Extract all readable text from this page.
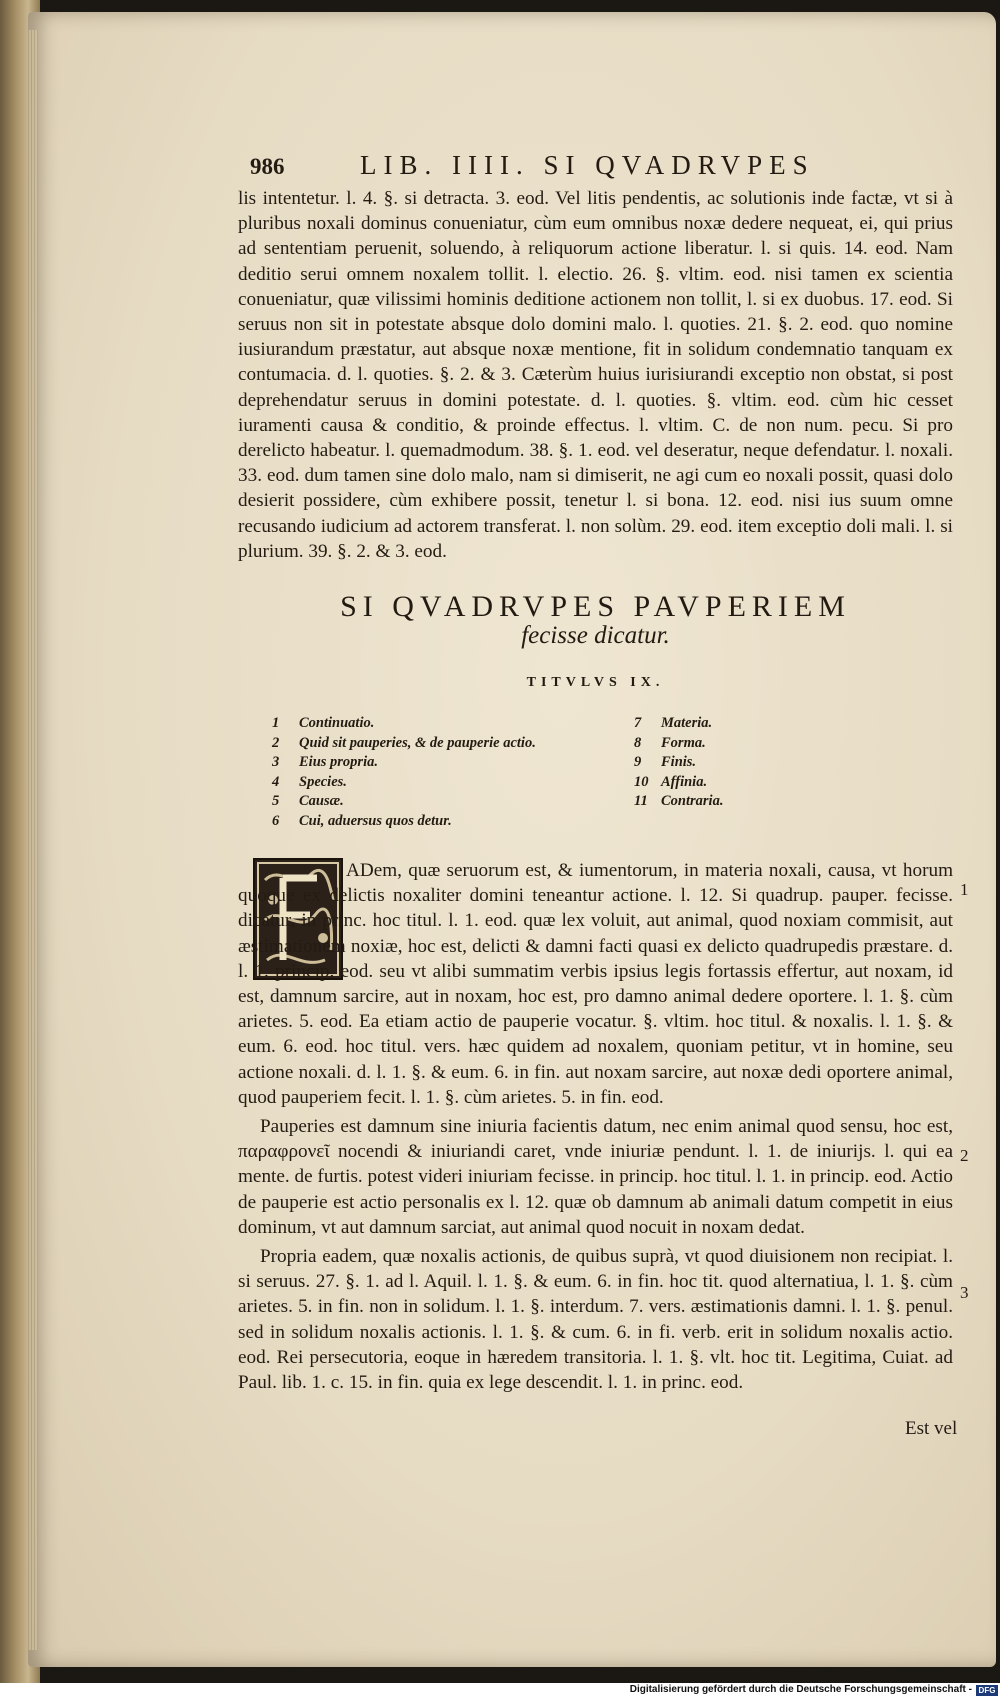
986	LIB. IIII. SI QVADRVPES

lis intentetur. l. 4. §. si detracta. 3. eod. Vel litis pendentis, ac solutionis inde factæ, vt si à pluribus noxali dominus conueniatur, cùm eum omnibus noxæ dedere nequeat, ei, qui prius ad sententiam peruenit, soluendo, à reliquorum actione liberatur. l. si quis. 14. eod. Nam deditio serui omnem noxalem tollit. l. electio. 26. §. vltim. eod. nisi tamen ex scientia conueniatur, quæ vilissimi hominis deditione actionem non tollit, l. si ex duobus. 17. eod. Si seruus non sit in potestate absque dolo domini malo. l. quoties. 21. §. 2. eod. quo nomine iusiurandum præstatur, aut absque noxæ mentione, fit in solidum condemnatio tanquam ex contumacia. d. l. quoties. §. 2. & 3. Cæterùm huius iurisiurandi exceptio non obstat, si post deprehendatur seruus in domini potestate. d. l. quoties. §. vltim. eod. cùm hic cesset iuramenti causa & conditio, & proinde effectus. l. vltim. C. de non num. pecu. Si pro derelicto habeatur. l. quemadmodum. 38. §. 1. eod. vel deseratur, neque defendatur. l. noxali. 33. eod. dum tamen sine dolo malo, nam si dimiserit, ne agi cum eo noxali possit, quasi dolo desierit possidere, cùm exhibere possit, tenetur l. si bona. 12. eod. nisi ius suum omne recusando iudicium ad actorem transferat. l. non solùm. 29. eod. item exceptio doli mali. l. si plurium. 39. §. 2. & 3. eod.

SI QVADRVPES PAVPERIEM
fecisse dicatur.
TITVLVS IX.
1 Continuatio.
2 Quid sit pauperies, & de pauperie actio.
3 Eius propria.
4 Species.
5 Causæ.
6 Cui, aduersus quos detur.
7 Materia.
8 Forma.
9 Finis.
10 Affinia.
11 Contraria.

ADem, quæ seruorum est, & iumentorum, in materia noxali, causa, vt horum quoque ex delictis noxaliter domini teneantur actione. l. 12. Si quadrup. pauper. fecisse. dicatur, in princ. hoc titul. l. 1. eod. quæ lex voluit, aut animal, quod noxiam commisit, aut æstimationem noxiæ, hoc est, delicti & damni facti quasi ex delicto quadrupedis præstare. d. l. 1. princip. eod. seu vt alibi summatim verbis ipsius legis fortassis effertur, aut noxam, id est, damnum sarcire, aut in noxam, hoc est, pro damno animal dedere oportere. l. 1. §. cùm arietes. 5. eod. Ea etiam actio de pauperie vocatur. §. vltim. hoc titul. & noxalis. l. 1. §. & eum. 6. eod. hoc titul. vers. hæc quidem ad noxalem, quoniam petitur, vt in homine, seu actione noxali. d. l. 1. §. & eum. 6. in fin. aut noxam sarcire, aut noxæ dedi oportere animal, quod pauperiem fecit. l. 1. §. cùm arietes. 5. in fin. eod.

Pauperies est damnum sine iniuria facientis datum, nec enim animal quod sensu, hoc est, παραφρονεῖ nocendi & iniuriandi caret, vnde iniuriæ pendunt. l. 1. de iniurijs. l. qui ea mente. de furtis. potest videri iniuriam fecisse. in princip. hoc titul. l. 1. in princip. eod. Actio de pauperie est actio personalis ex l. 12. quæ ob damnum ab animali datum competit in eius dominum, vt aut damnum sarciat, aut animal quod nocuit in noxam dedat.

Propria eadem, quæ noxalis actionis, de quibus suprà, vt quod diuisionem non recipiat. l. si seruus. 27. §. 1. ad l. Aquil. l. 1. §. & eum. 6. in fin. hoc tit. quod alternatiua, l. 1. §. cùm arietes. 5. in fin. non in solidum. l. 1. §. interdum. 7. vers. æstimationis damni. l. 1. §. penul. sed in solidum noxalis actionis. l. 1. §. & cum. 6. in fi. verb. erit in solidum noxalis actio. eod. Rei persecutoria, eoque in hæredem transitoria. l. 1. §. vlt. hoc tit. Legitima, Cuiat. ad Paul. lib. 1. c. 15. in fin. quia ex lege descendit. l. 1. in princ. eod.

1
2
3
Est vel
Digitalisierung gefördert durch die Deutsche Forschungsgemeinschaft - DFG
